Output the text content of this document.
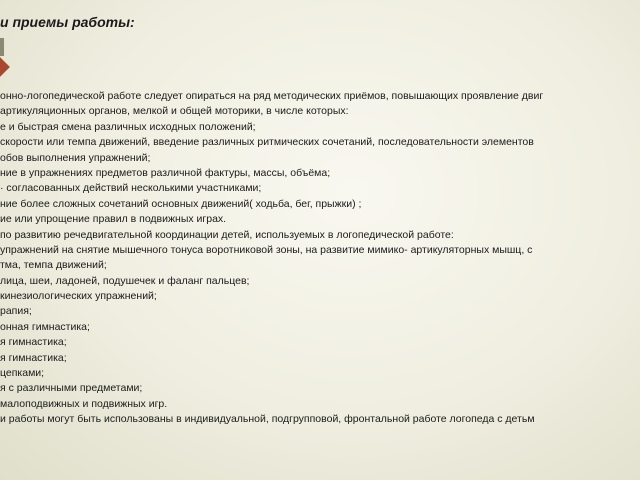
и приемы работы:
онно-логопедической работе следует опираться на ряд методических приёмов, повышающих проявление двиг
артикуляционных органов, мелкой и общей моторики, в числе которых:
е и быстрая смена различных исходных положений;
скорости или темпа движений, введение различных ритмических сочетаний, последовательности элементов
обов выполнения упражнений;
ние в упражнениях предметов различной фактуры, массы, объёма;
· согласованных действий несколькими участниками;
ние более сложных сочетаний основных движений( ходьба, бег, прыжки) ;
ие или упрощение правил в подвижных играх.
по развитию речедвигательной координации детей, используемых в логопедической работе:
упражнений на снятие мышечного тонуса воротниковой зоны, на развитие мимико- артикуляторных мышц, с
тма, темпа движений;
лица, шеи, ладоней, подушечек и фаланг пальцев;
кинезиологических упражнений;
рапия;
онная гимнастика;
я гимнастика;
я гимнастика;
цепками;
я с различными предметами;
малоподвижных и подвижных игр.
и работы могут быть использованы в индивидуальной, подгрупповой, фронтальной работе логопеда с детьм
